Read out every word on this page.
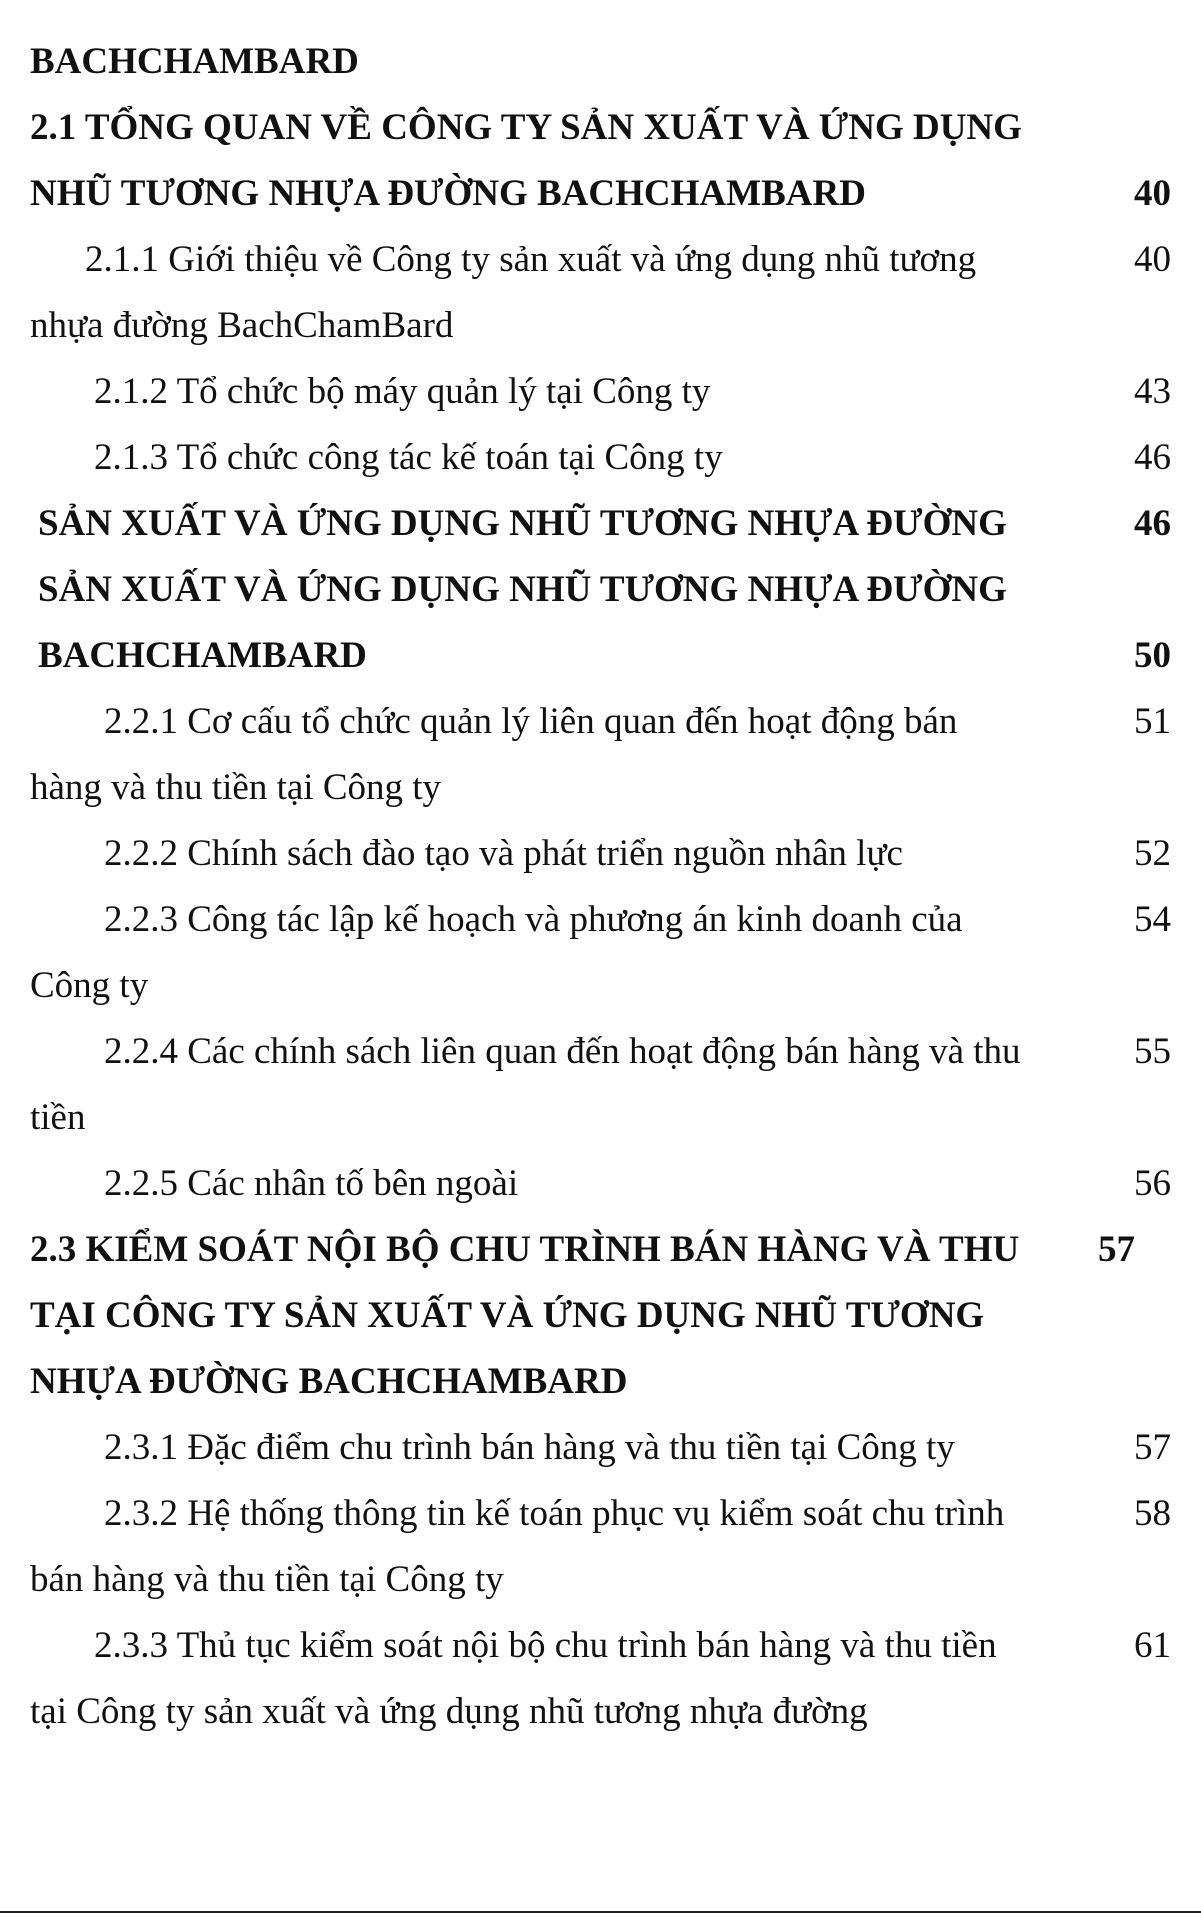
BACHCHAMBARD
2.1 TỔNG QUAN VỀ CÔNG TY SẢN XUẤT VÀ ỨNG DỤNG
NHŨ TƯƠNG NHỰA ĐƯỜNG BACHCHAMBARD	40
2.1.1 Giới thiệu về Công ty sản xuất và ứng dụng nhũ tương	40
nhựa đường BachChamBard
2.1.2 Tổ chức bộ máy quản lý tại Công ty	43
2.1.3 Tổ chức công tác kế toán tại Công ty	46
SẢN XUẤT VÀ ỨNG DỤNG NHŨ TƯƠNG NHỰA ĐƯỜNG	46
SẢN XUẤT VÀ ỨNG DỤNG NHŨ TƯƠNG NHỰA ĐƯỜNG
BACHCHAMBARD	50
2.2.1 Cơ cấu tổ chức quản lý liên quan đến hoạt động bán	51
hàng và thu tiền tại Công ty
2.2.2 Chính sách đào tạo và phát triển nguồn nhân lực	52
2.2.3 Công tác lập kế hoạch và phương án kinh doanh của	54
Công ty
2.2.4 Các chính sách liên quan đến hoạt động bán hàng và thu	55
tiền
2.2.5 Các nhân tố bên ngoài	56
2.3 KIỂM SOÁT NỘI BỘ CHU TRÌNH BÁN HÀNG VÀ THU 57
TẠI CÔNG TY SẢN XUẤT VÀ ỨNG DỤNG NHŨ TƯƠNG
NHỰA ĐƯỜNG BACHCHAMBARD
2.3.1 Đặc điểm chu trình bán hàng và thu tiền tại Công ty	57
2.3.2 Hệ thống thông tin kế toán phục vụ kiểm soát chu trình	58
bán hàng và thu tiền tại Công ty
2.3.3 Thủ tục kiểm soát nội bộ chu trình bán hàng và thu tiền	61
tại Công ty sản xuất và ứng dụng nhũ tương nhựa đường
